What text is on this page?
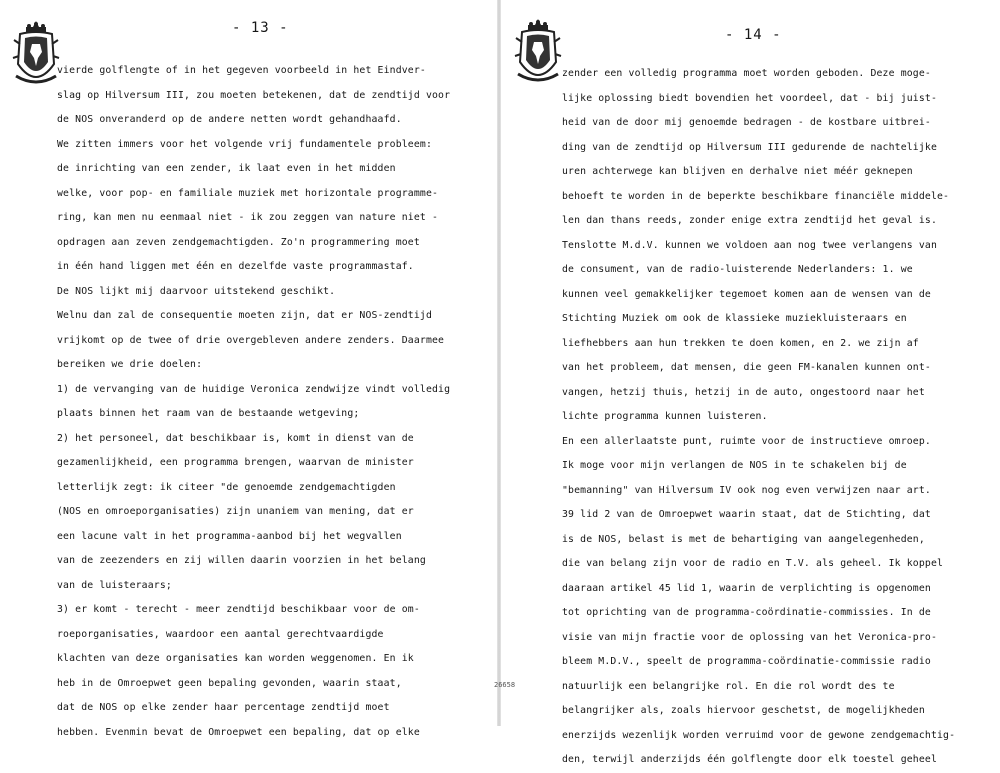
- 13 -
vierde golflengte of in het gegeven voorbeeld in het Eindver-
slag op Hilversum III, zou moeten betekenen, dat de zendtijd voor
de NOS onveranderd op de andere netten wordt gehandhaafd.
We zitten immers voor het volgende vrij fundamentele probleem:
de inrichting van een zender, ik laat even in het midden
welke, voor pop- en familiale muziek met horizontale programme-
ring, kan men nu eenmaal niet - ik zou zeggen van nature niet -
opdragen aan zeven zendgemachtigden. Zo'n programmering moet
in één hand liggen met één en dezelfde vaste programmastaf.
De NOS lijkt mij daarvoor uitstekend geschikt.
Welnu dan zal de consequentie moeten zijn, dat er NOS-zendtijd
vrijkomt op de twee of drie overgebleven andere zenders. Daarmee
bereiken we drie doelen:
1) de vervanging van de huidige Veronica zendwijze vindt volledig
plaats binnen het raam van de bestaande wetgeving;
2) het personeel, dat beschikbaar is, komt in dienst van de
gezamenlijkheid, een programma brengen, waarvan de minister
letterlijk zegt: ik citeer "de genoemde zendgemachtigden
(NOS en omroeporganisaties) zijn unaniem van mening, dat er
een lacune valt in het programma-aanbod bij het wegvallen
van de zeezenders en zij willen daarin voorzien in het belang
van de luisteraars;
3) er komt - terecht - meer zendtijd beschikbaar voor de om-
roeporganisaties, waardoor een aantal gerechtvaardigde
klachten van deze organisaties kan worden weggenomen. En ik
heb in de Omroepwet geen bepaling gevonden, waarin staat,
dat de NOS op elke zender haar percentage zendtijd moet
hebben. Evenmin bevat de Omroepwet een bepaling, dat op elke
- 14 -
zender een volledig programma moet worden geboden. Deze moge-
lijke oplossing biedt bovendien het voordeel, dat - bij juist-
heid van de door mij genoemde bedragen - de kostbare uitbrei-
ding van de zendtijd op Hilversum III gedurende de nachtelijke
uren achterwege kan blijven en derhalve niet méér geknepen
behoeft te worden in de beperkte beschikbare financiële middele-
len dan thans reeds, zonder enige extra zendtijd het geval is.
Tenslotte M.d.V. kunnen we voldoen aan nog twee verlangens van
de consument, van de radio-luisterende Nederlanders: 1. we
kunnen veel gemakkelijker tegemoet komen aan de wensen van de
Stichting Muziek om ook de klassieke muziekluisteraars en
liefhebbers aan hun trekken te doen komen, en 2. we zijn af
van het probleem, dat mensen, die geen FM-kanalen kunnen ont-
vangen, hetzij thuis, hetzij in de auto, ongestoord naar het
lichte programma kunnen luisteren.
En een allerlaatste punt, ruimte voor de instructieve omroep.
Ik moge voor mijn verlangen de NOS in te schakelen bij de
"bemanning" van Hilversum IV ook nog even verwijzen naar art.
39 lid 2 van de Omroepwet waarin staat, dat de Stichting, dat
is de NOS, belast is met de behartiging van aangelegenheden,
die van belang zijn voor de radio en T.V. als geheel. Ik koppel
daaraan artikel 45 lid 1, waarin de verplichting is opgenomen
tot oprichting van de programma-coördinatie-commissies. In de
visie van mijn fractie voor de oplossing van het Veronica-pro-
bleem M.D.V., speelt de programma-coördinatie-commissie radio
natuurlijk een belangrijke rol. En die rol wordt des te
belangrijker als, zoals hiervoor geschetst, de mogelijkheden
enerzijds wezenlijk worden verruimd voor de gewone zendgemachtig-
den, terwijl anderzijds één golflengte door elk toestel geheel
26658
